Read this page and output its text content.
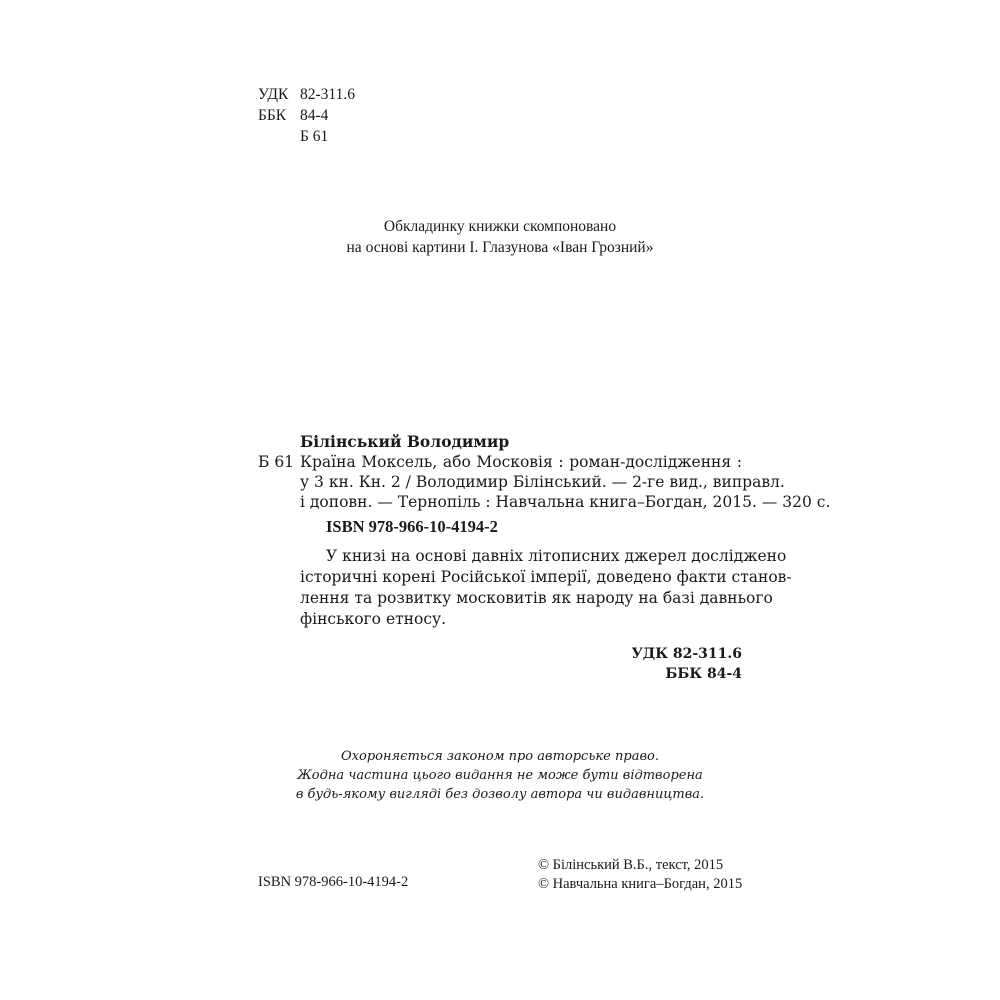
УДК 82-311.6
ББК 84-4
Б 61
Обкладинку книжки скомпоновано
на основі картини І. Глазунова «Іван Грозний»
Білінський Володимир
Б 61 Країна Моксель, або Московія : роман-дослідження :
у 3 кн. Кн. 2 / Володимир Білінський. — 2-ге вид., виправл.
і доповн. — Тернопіль : Навчальна книга–Богдан, 2015. — 320 с.
ISBN 978-966-10-4194-2
У книзі на основі давніх літописних джерел досліджено
історичні корені Російської імперії, доведено факти станов-
лення та розвитку московитів як народу на базі давнього
фінського етносу.
УДК 82-311.6
ББК 84-4
Охороняється законом про авторське право.
Жодна частина цього видання не може бути відтворена
в будь-якому вигляді без дозволу автора чи видавництва.
ISBN 978-966-10-4194-2
© Білінський В.Б., текст, 2015
© Навчальна книга–Богдан, 2015
